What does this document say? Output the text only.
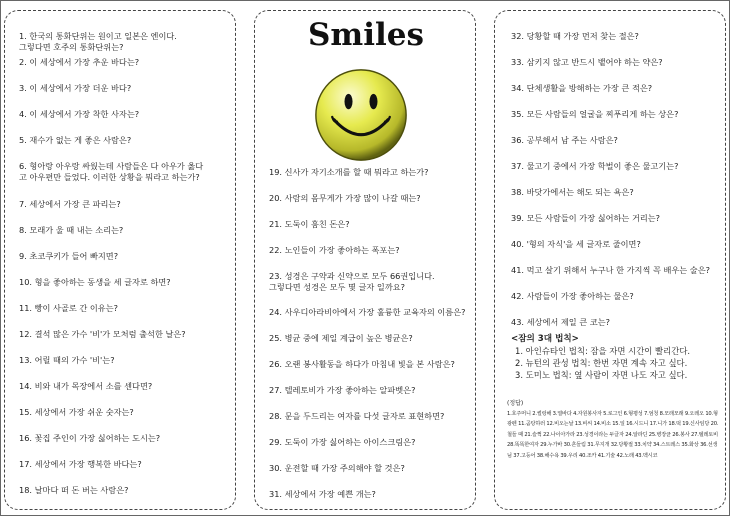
1. 한국의 통화단위는 원이고 일본은 엔이다.
그렇다면 호주의 통화단위는?
2. 이 세상에서 가장 추운 바다는?
3. 이 세상에서 가장 더운 바다?
4. 이 세상에서 가장 착한 사자는?
5. 재수가 없는 게 좋은 사람은?
6. 형아랑 아우랑 싸웠는데 사람들은 다 아우가 옳다
고 아우편만 들었다. 이러한 상황을 뭐라고 하는가?
7. 세상에서 가장 큰 파리는?
8. 모래가 울 때 내는 소리는?
9. 초코쿠키가 들어 빠지면?
10. 형을 좋아하는 동생을 세 글자로 하면?
11. 빵이 사골로 간 이유는?
12. 결석 많은 가수 '비'가 모처럼 출석한 날은?
13. 어릴 때의 가수 '비'는?
14. 비와 내가 목장에서 소를 센다면?
15. 세상에서 가장 쉬운 숫자는?
16. 꽃집 주인이 가장 싫어하는 도시는?
17. 세상에서 가장 행복한 바다는?
18. 날마다 떠 돈 버는 사람은?
Smiles
19. 신사가 자기소개를 할 때 뭐라고 하는가?
20. 사람의 몸무게가 가장 많이 나갈 때는?
21. 도둑이 훔친 돈은?
22. 노인들이 가장 좋아하는 폭포는?
23. 성경은 구약과 신약으로 모두 66권입니다.
그렇다면 성경은 모두 몇 글자 일까요?
24. 사우디아라비아에서 가장 훌륭한 교육자의 이름은?
25. 병균 중에 제일 계급이 높은 병균은?
26. 오랜 봉사활동을 하다가 마침내 빛을 본 사람은?
27. 텔레토비가 가장 좋아하는 알파벳은?
28. 문을 두드리는 여자를 다섯 글자로 표현하면?
29. 도둑이 가장 싫어하는 아이스크림은?
30. 운전할 때 가장 주의해야 할 것은?
31. 세상에서 가장 예쁜 개는?
32. 당황할 때 가장 먼저 찾는 절은?
33. 삼키지 않고 반드시 뱉어야 하는 약은?
34. 단체생활을 방해하는 가장 큰 적은?
35. 모든 사람들의 얼굴을 찌푸리게 하는 상은?
36. 공부해서 남 주는 사람은?
37. 물고기 중에서 가장 학벌이 좋은 물고기는?
38. 바닷가에서는 해도 되는 욕은?
39. 모든 사람들이 가장 싫어하는 거리는?
40. '형의 자식'을 세 글자로 줄이면?
41. 먹고 살기 위해서 누구나 한 가지씩 꼭 배우는 술은?
42. 사람들이 가장 좋아하는 물은?
43. 세상에서 제일 큰 코는?
<잠의 3대 법칙>
1. 아인슈타인 법칙: 잠을 자면 시간이 빨리간다.
2. 뉴턴의 관성 법칙: 한번 자면 계속 자고 싶다.
3. 도미노 법칙: 옆 사람이 자면 나도 자고 싶다.
(정답)
1.호주머니 2.썰렁해 3.열바다 4.자원봉사자 5.로그인 6.형평성 7.엄청 8.모래모래 9.오레오 10.형광펜 11.곰탕하러 12.비오는날 13.비씨 14.비소 15.일 16.시드니 17.니가 18.떡 19.신사임당 20.철들 때 21.슬쩍 22.나이아가라 23.성경이라는 두글자 24.알라딘 25.병장균 26.봉사 27.텔레토비 28.똑똑한여자 29.누가바 30.흔들림 31.무지개 32.당황절 33.치약 34.스트레스 35.화상 36.선생님 37.고등어 38.해수욕 39.우리 40.조카 41.기술 42.노래 43.멕시코
